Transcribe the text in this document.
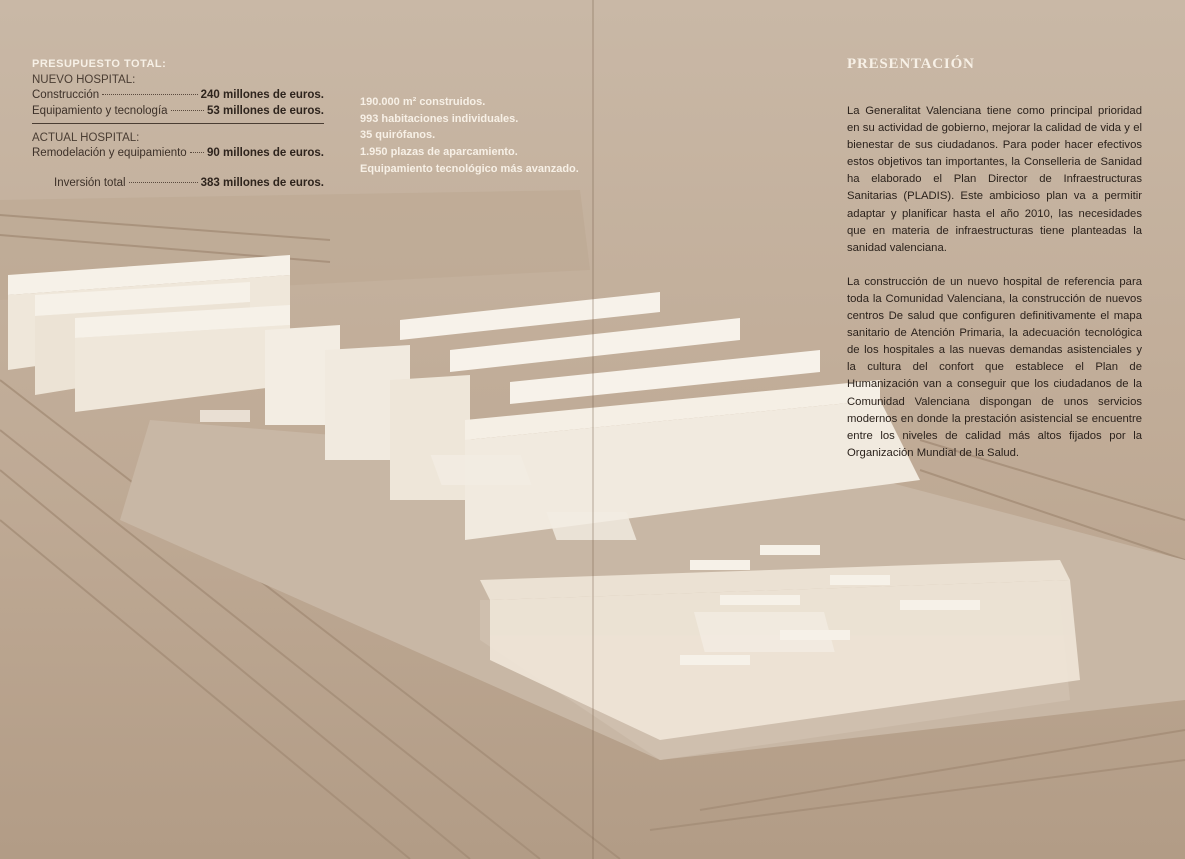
PRESUPUESTO TOTAL:
NUEVO HOSPITAL:
Construcción	240 millones de euros.
Equipamiento y tecnología	53 millones de euros.
ACTUAL HOSPITAL:
Remodelación y equipamiento 90 millones de euros.
Inversión total	383 millones de euros.
190.000 m² construidos.
993 habitaciones individuales.
35 quirófanos.
1.950 plazas de aparcamiento.
Equipamiento tecnológico más avanzado.
PRESENTACIÓN

La Generalitat Valenciana tiene como principal prioridad en su actividad de gobierno, mejorar la calidad de vida y el bienestar de sus ciudadanos. Para poder hacer efectivos estos objetivos tan importantes, la Conselleria de Sanidad ha elaborado el Plan Director de Infraestructuras Sanitarias (PLADIS). Este ambicioso plan va a permitir adaptar y planificar hasta el año 2010, las necesidades que en materia de infraestructuras tiene planteadas la sanidad valenciana.

La construcción de un nuevo hospital de referencia para toda la Comunidad Valenciana, la construcción de nuevos centros De salud que configuren definitivamente el mapa sanitario de Atención Primaria, la adecuación tecnológica de los hospitales a las nuevas demandas asistenciales y la cultura del confort que establece el Plan de Humanización van a conseguir que los ciudadanos de la Comunidad Valenciana dispongan de unos servicios modernos en donde la prestación asistencial se encuentre entre los niveles de calidad más altos fijados por la Organización Mundial de la Salud.
